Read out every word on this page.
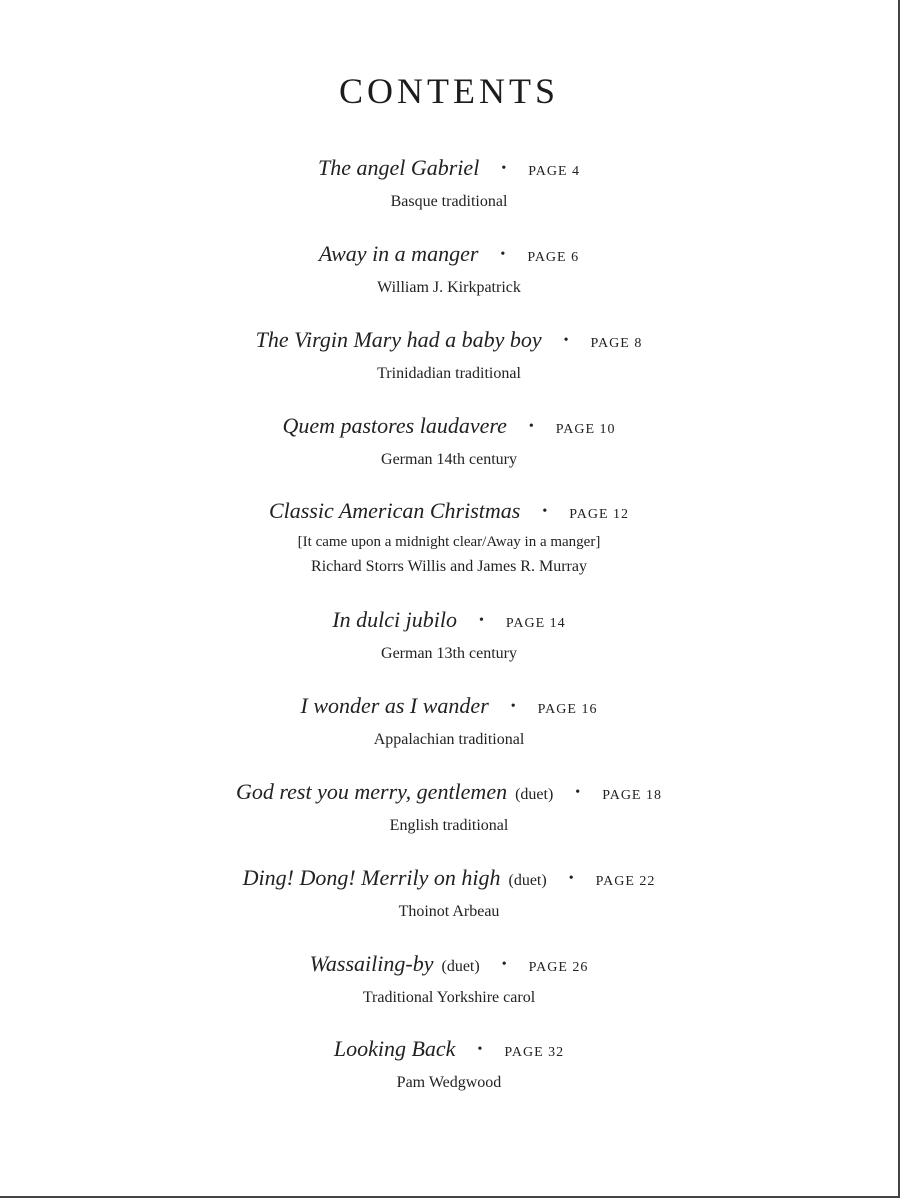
CONTENTS
The angel Gabriel • PAGE 4
Basque traditional
Away in a manger • PAGE 6
William J. Kirkpatrick
The Virgin Mary had a baby boy • PAGE 8
Trinidadian traditional
Quem pastores laudavere • PAGE 10
German 14th century
Classic American Christmas • PAGE 12
[It came upon a midnight clear/Away in a manger]
Richard Storrs Willis and James R. Murray
In dulci jubilo • PAGE 14
German 13th century
I wonder as I wander • PAGE 16
Appalachian traditional
God rest you merry, gentlemen (duet) • PAGE 18
English traditional
Ding! Dong! Merrily on high (duet) • PAGE 22
Thoinot Arbeau
Wassailing-by (duet) • PAGE 26
Traditional Yorkshire carol
Looking Back • PAGE 32
Pam Wedgwood
